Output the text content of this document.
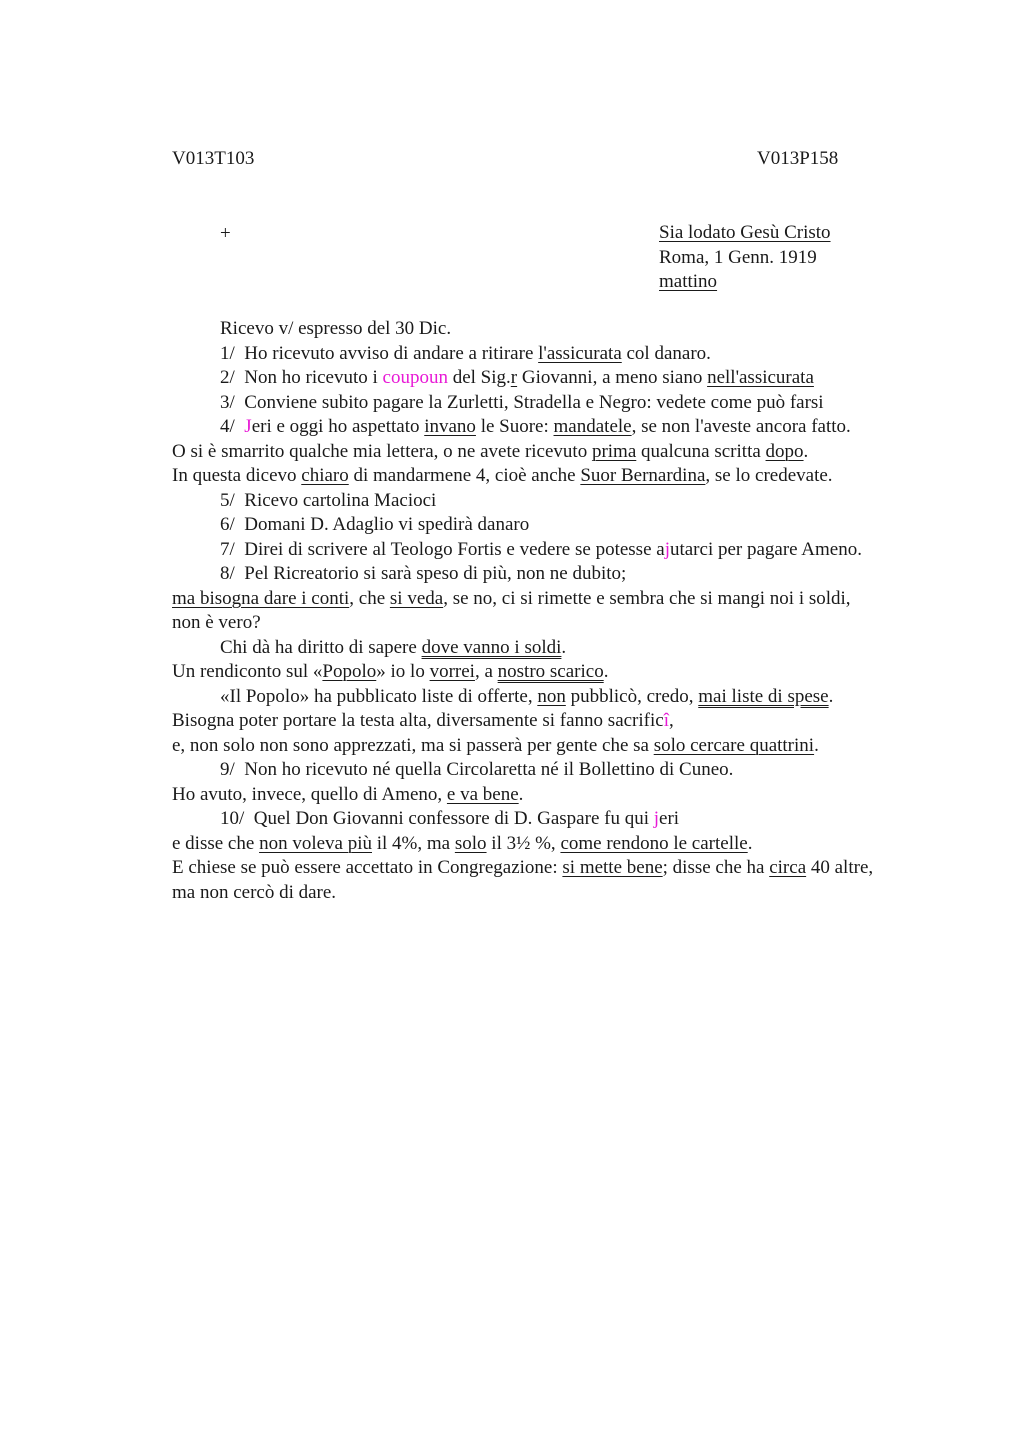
V013T103	V013P158
+	Sia lodato Gesù Cristo
Roma, 1 Genn. 1919
mattino
Ricevo v/ espresso del 30 Dic.
1/  Ho ricevuto avviso di andare a ritirare l'assicurata col danaro.
2/  Non ho ricevuto i coupoun del Sig.r Giovanni, a meno siano nell'assicurata
3/  Conviene subito pagare la Zurletti, Stradella e Negro: vedete come può farsi
4/  Jeri e oggi ho aspettato invano le Suore: mandatele, se non l'aveste ancora fatto.
O si è smarrito qualche mia lettera, o ne avete ricevuto prima qualcuna scritta dopo.
In questa dicevo chiaro di mandarmene 4, cioè anche Suor Bernardina, se lo credevate.
5/  Ricevo cartolina Macioci
6/  Domani D. Adaglio vi spedirà danaro
7/  Direi di scrivere al Teologo Fortis e vedere se potesse ajutarci per pagare Ameno.
8/  Pel Ricreatorio si sarà speso di più, non ne dubito;
ma bisogna dare i conti, che si veda, se no, ci si rimette e sembra che si mangi noi i soldi,
non è vero?
Chi dà ha diritto di sapere dove vanno i soldi.
Un rendiconto sul «Popolo» io lo vorrei, a nostro scarico.
«Il Popolo» ha pubblicato liste di offerte, non pubblicò, credo, mai liste di spese.
Bisogna poter portare la testa alta, diversamente si fanno sacrificî,
e, non solo non sono apprezzati, ma si passerà per gente che sa solo cercare quattrini.
9/  Non ho ricevuto né quella Circolaretta né il Bollettino di Cuneo.
Ho avuto, invece, quello di Ameno, e va bene.
10/  Quel Don Giovanni confessore di D. Gaspare fu qui jeri
e disse che non voleva più il 4%, ma solo il 3½ %, come rendono le cartelle.
E chiese se può essere accettato in Congregazione: si mette bene; disse che ha circa 40 altre,
ma non cercò di dare.
